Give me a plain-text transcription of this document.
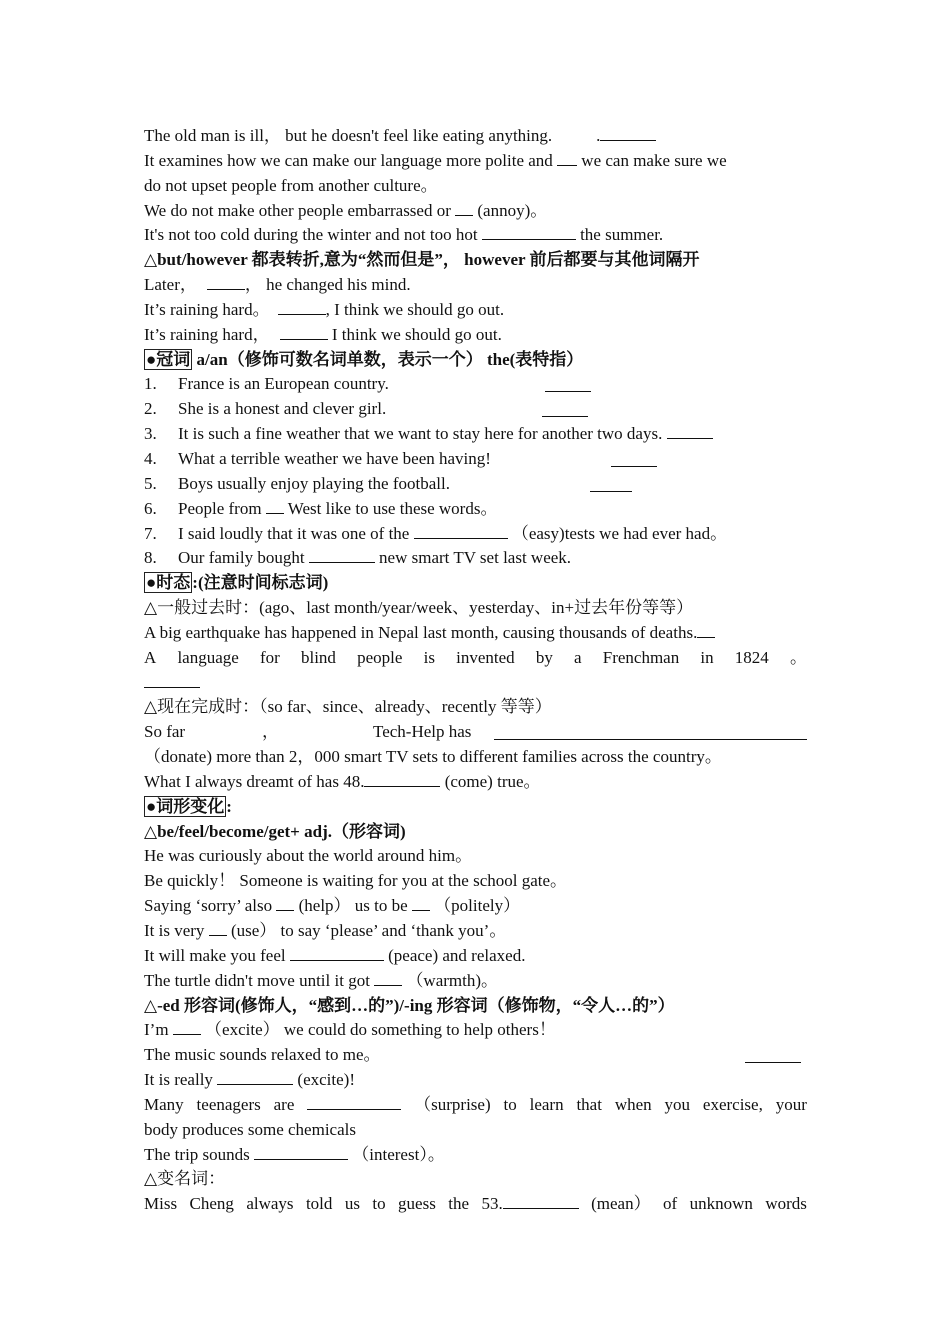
The old man is ill， but he doesn't feel like eating anything.	.
It examines how we can make our language more polite and we can make sure we
do not upset people from another culture。
We do not make other people embarrassed or (annoy)。
It's not too cold during the winter and not too hot	the summer.
△but/however 都表转折,意为“然而但是”， however 前后都要与其他词隔开
Later，	， he changed his mind.
It’s raining hard。	, I think we should go out.
It’s raining hard，	I think we should go out.
●冠词 a/an（修饰可数名词单数，表示一个） the(表特指）
1. France is an European country.
2. She is a honest and clever girl.
3. It is such a fine weather that we want to stay here for another two days.
4. What a terrible weather we have been having!
5. Boys usually enjoy playing the football.
6. People from West like to use these words。
7. I said loudly that it was one of the	（easy)tests we had ever had。
8. Our family bought	new smart TV set last week.
●时态 :(注意时间标志词)
△一般过去时：(ago、last month/year/week、yesterday、in+过去年份等等）
A big earthquake has happened in Nepal last month, causing thousands of deaths.
A language for blind people is invented by a Frenchman in 1824 。
△现在完成时：（so far、since、already、recently 等等）
So far	，	Tech-Help has
（donate) more than 2，000 smart TV sets to different families across the country。
What I always dreamt of has 48.	(come) true。
●词形变化 :
△be/feel/become/get+ adj.（形容词)
He was curiously about the world around him。
Be quickly！ Someone is waiting for you at the school gate。
Saying ‘sorry’ also (help） us to be （politely）
It is very (use） to say ‘please’ and ‘thank you’。
It will make you feel	(peace) and relaxed.
The turtle didn't move until it got （warmth)。
△-ed 形容词(修饰人，“感到…的”)/-ing 形容词（修饰物，“令人…的”）
I’m （excite） we could do something to help others！
The music sounds relaxed to me。
It is really	(excite)!
Many teenagers are	（surprise) to learn that when you exercise, your
body produces some chemicals
The trip sounds	（interest）。
△变名词：
Miss Cheng always told us to guess the 53.	(mean） of unknown words
